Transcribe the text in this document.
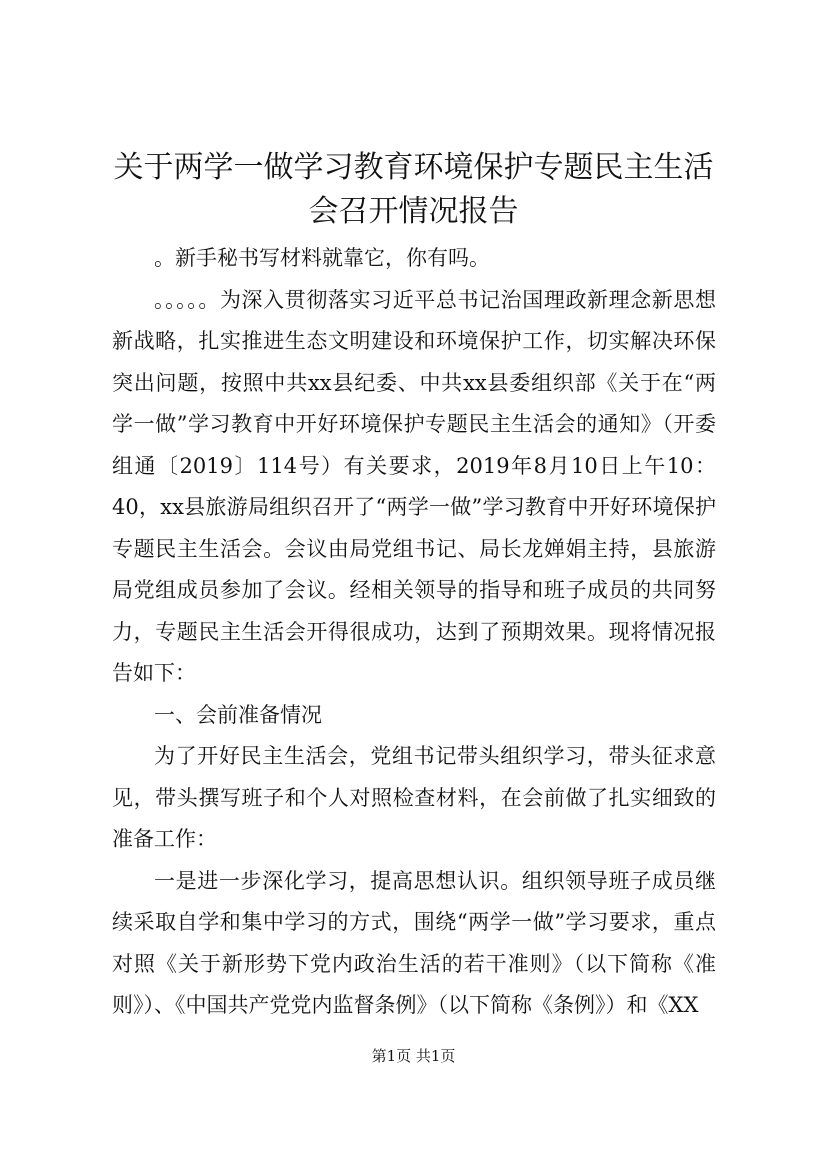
关于两学一做学习教育环境保护专题民主生活
会召开情况报告

。新手秘书写材料就靠它，你有吗。

。。。。。为深入贯彻落实习近平总书记治国理政新理念新思想新战略，扎实推进生态文明建设和环境保护工作，切实解决环保突出问题，按照中共xx县纪委、中共xx县委组织部《关于在“两学一做”学习教育中开好环境保护专题民主生活会的通知》（开委组通〔2019〕114号）有关要求，2019年8月10日上午10：40，xx县旅游局组织召开了“两学一做”学习教育中开好环境保护专题民主生活会。会议由局党组书记、局长龙婵娟主持，县旅游局党组成员参加了会议。经相关领导的指导和班子成员的共同努力，专题民主生活会开得很成功，达到了预期效果。现将情况报告如下：

一、会前准备情况

为了开好民主生活会，党组书记带头组织学习，带头征求意见，带头撰写班子和个人对照检查材料，在会前做了扎实细致的准备工作：

一是进一步深化学习，提高思想认识。组织领导班子成员继续采取自学和集中学习的方式，围绕“两学一做”学习要求，重点对照《关于新形势下党内政治生活的若干准则》（以下简称《准则》）、《中国共产党党内监督条例》（以下简称《条例》）和《XX

第1页 共1页
